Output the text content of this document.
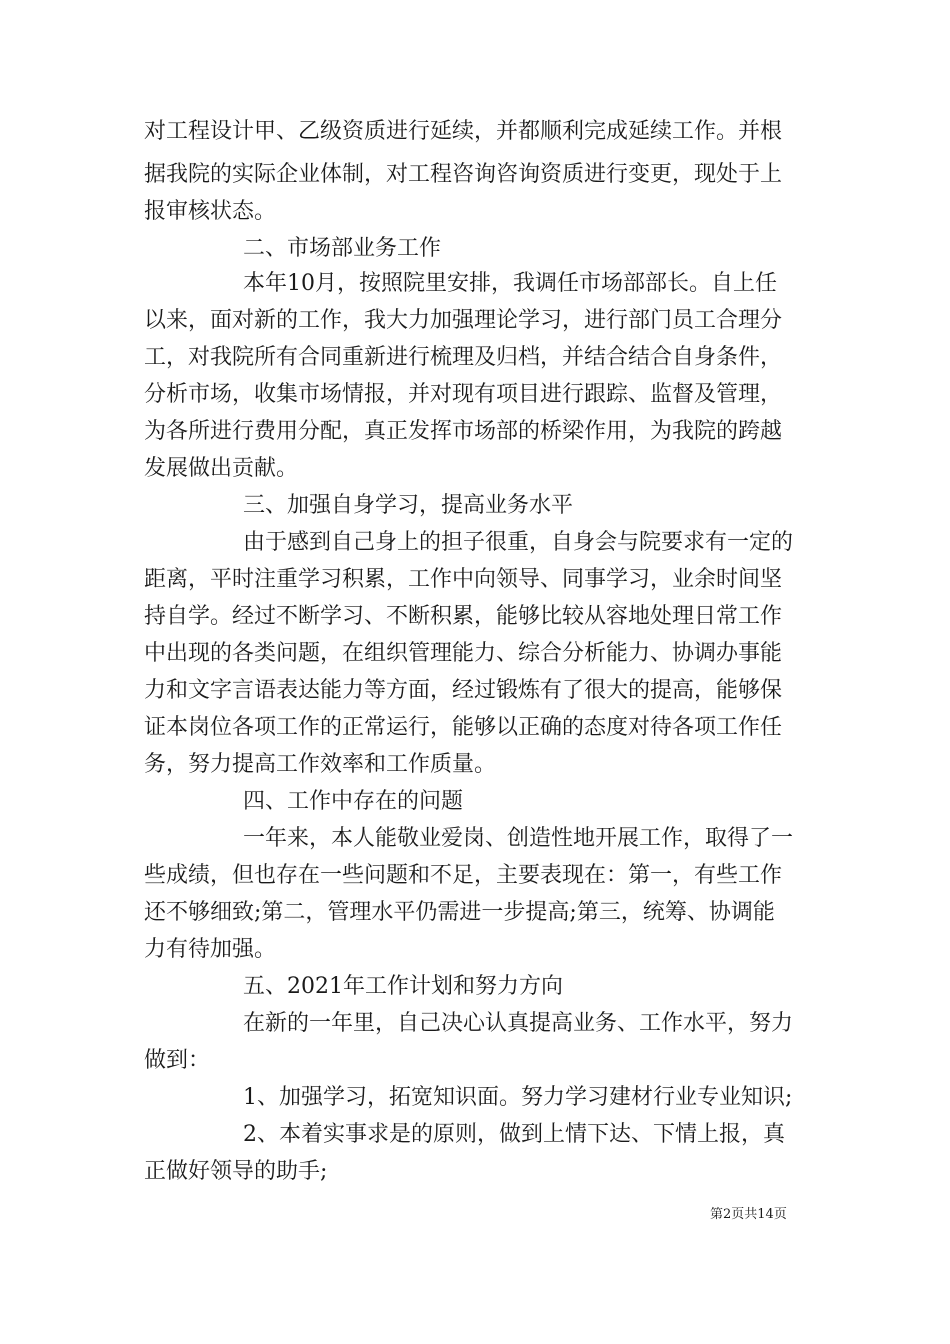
对工程设计甲、乙级资质进行延续，并都顺利完成延续工作。并根
据我院的实际企业体制，对工程咨询咨询资质进行变更，现处于上
报审核状态。
二、市场部业务工作
本年10月，按照院里安排，我调任市场部部长。自上任
以来，面对新的工作，我大力加强理论学习，进行部门员工合理分
工，对我院所有合同重新进行梳理及归档，并结合结合自身条件，
分析市场，收集市场情报，并对现有项目进行跟踪、监督及管理，
为各所进行费用分配，真正发挥市场部的桥梁作用，为我院的跨越
发展做出贡献。
三、加强自身学习，提高业务水平
由于感到自己身上的担子很重，自身会与院要求有一定的
距离，平时注重学习积累，工作中向领导、同事学习，业余时间坚
持自学。经过不断学习、不断积累，能够比较从容地处理日常工作
中出现的各类问题，在组织管理能力、综合分析能力、协调办事能
力和文字言语表达能力等方面，经过锻炼有了很大的提高，能够保
证本岗位各项工作的正常运行，能够以正确的态度对待各项工作任
务，努力提高工作效率和工作质量。
四、工作中存在的问题
一年来，本人能敬业爱岗、创造性地开展工作，取得了一
些成绩，但也存在一些问题和不足，主要表现在：第一，有些工作
还不够细致;第二，管理水平仍需进一步提高;第三，统筹、协调能
力有待加强。
五、2021年工作计划和努力方向
在新的一年里，自己决心认真提高业务、工作水平，努力
做到：
1、加强学习，拓宽知识面。努力学习建材行业专业知识;
2、本着实事求是的原则，做到上情下达、下情上报，真
正做好领导的助手;
第2页共14页
